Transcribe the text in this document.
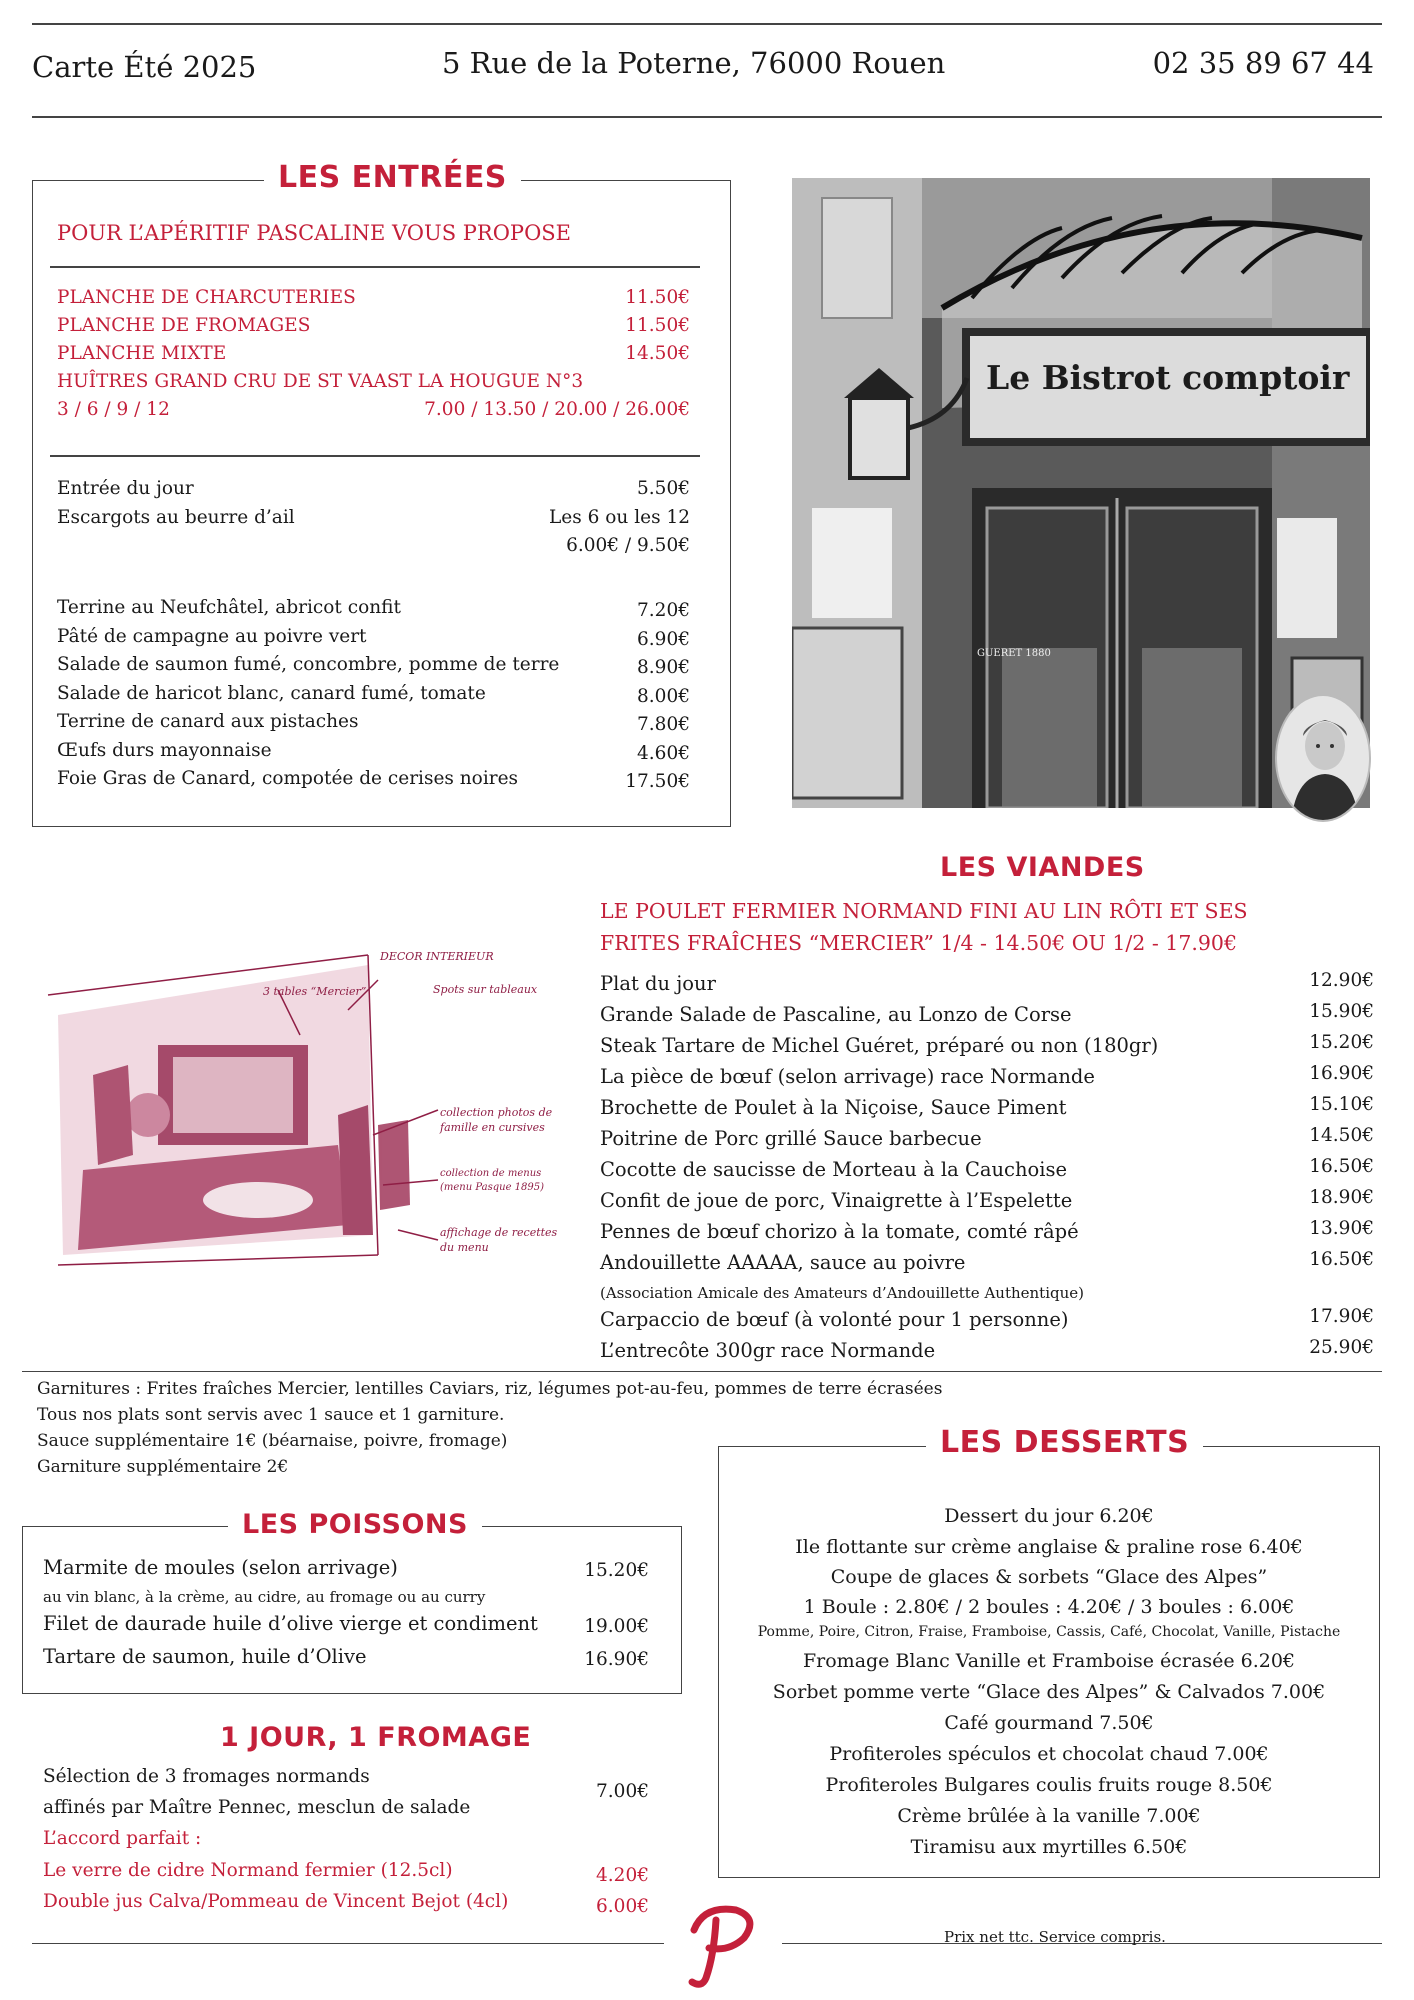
Carte Été 2025	5 Rue de la Poterne, 76000 Rouen	02 35 89 67 44
LES ENTRÉES
POUR L’APÉRITIF PASCALINE VOUS PROPOSE
PLANCHE DE CHARCUTERIES	11.50€
PLANCHE DE FROMAGES	11.50€
PLANCHE MIXTE	14.50€
HUÎTRES GRAND CRU DE ST VAAST LA HOUGUE N°3
3 / 6 / 9 / 12	7.00 / 13.50 / 20.00 / 26.00€
Entrée du jour	5.50€
Escargots au beurre d’ail	Les 6 ou les 12
6.00€ / 9.50€
Terrine au Neufchâtel, abricot confit	7.20€
Pâté de campagne au poivre vert	6.90€
Salade de saumon fumé, concombre, pomme de terre	8.90€
Salade de haricot blanc, canard fumé, tomate	8.00€
Terrine de canard aux pistaches	7.80€
Œufs durs mayonnaise	4.60€
Foie Gras de Canard, compotée de cerises noires	17.50€
Le Bistrot comptoir
GUERET 1880
DECOR INTERIEUR
3 tables “Mercier”	Spots sur tableaux
collection photos de famille en cursives
collection de menus (menu Pasque 1895)
affichage de recettes du menu
LES VIANDES
LE POULET FERMIER NORMAND FINI AU LIN RÔTI ET SES
FRITES FRAÎCHES “MERCIER” 1/4 - 14.50€ OU 1/2 - 17.90€
Plat du jour	12.90€
Grande Salade de Pascaline, au Lonzo de Corse	15.90€
Steak Tartare de Michel Guéret, préparé ou non (180gr)	15.20€
La pièce de bœuf (selon arrivage) race Normande	16.90€
Brochette de Poulet à la Niçoise, Sauce Piment	15.10€
Poitrine de Porc grillé Sauce barbecue	14.50€
Cocotte de saucisse de Morteau à la Cauchoise	16.50€
Confit de joue de porc, Vinaigrette à l’Espelette	18.90€
Pennes de bœuf chorizo à la tomate, comté râpé	13.90€
Andouillette AAAAA, sauce au poivre	16.50€
(Association Amicale des Amateurs d’Andouillette Authentique)
Carpaccio de bœuf (à volonté pour 1 personne)	17.90€
L’entrecôte 300gr race Normande	25.90€
Garnitures : Frites fraîches Mercier, lentilles Caviars, riz, légumes pot-au-feu, pommes de terre écrasées
Tous nos plats sont servis avec 1 sauce et 1 garniture.
Sauce supplémentaire 1€ (béarnaise, poivre, fromage)
Garniture supplémentaire 2€
LES POISSONS
Marmite de moules (selon arrivage)	15.20€
au vin blanc, à la crème, au cidre, au fromage ou au curry
Filet de daurade huile d’olive vierge et condiment	19.00€
Tartare de saumon, huile d’Olive	16.90€
1 JOUR, 1 FROMAGE
Sélection de 3 fromages normands
affinés par Maître Pennec, mesclun de salade
7.00€
L’accord parfait :
Le verre de cidre Normand fermier (12.5cl)	4.20€
Double jus Calva/Pommeau de Vincent Bejot (4cl)	6.00€
LES DESSERTS
Dessert du jour 6.20€
Ile flottante sur crème anglaise & praline rose 6.40€
Coupe de glaces & sorbets “Glace des Alpes”
1 Boule : 2.80€ / 2 boules : 4.20€ / 3 boules : 6.00€
Pomme, Poire, Citron, Fraise, Framboise, Cassis, Café, Chocolat, Vanille, Pistache
Fromage Blanc Vanille et Framboise écrasée 6.20€
Sorbet pomme verte “Glace des Alpes” & Calvados 7.00€
Café gourmand 7.50€
Profiteroles spéculos et chocolat chaud 7.00€
Profiteroles Bulgares coulis fruits rouge 8.50€
Crème brûlée à la vanille 7.00€
Tiramisu aux myrtilles 6.50€
Prix net ttc. Service compris.
